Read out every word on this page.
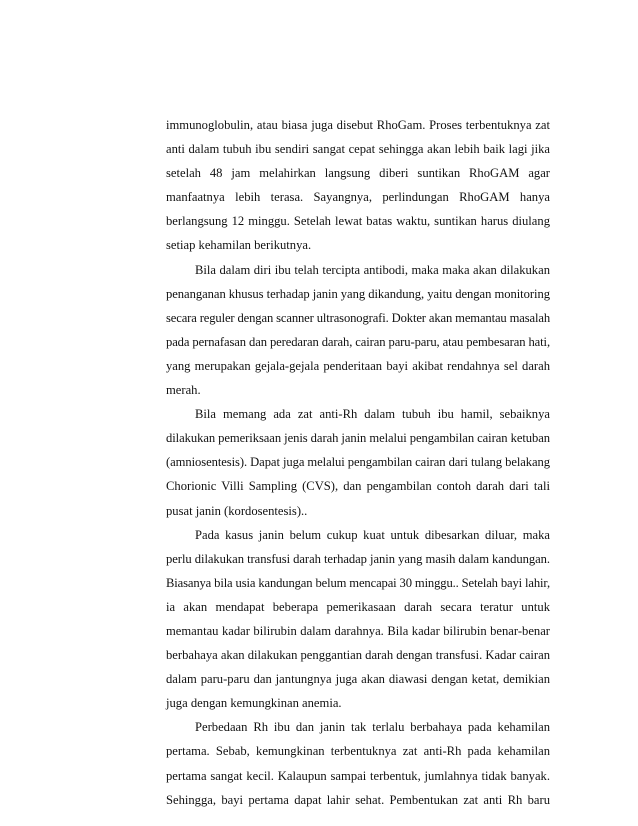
immunoglobulin, atau biasa juga disebut RhoGam. Proses terbentuknya zat
anti dalam tubuh ibu sendiri sangat cepat sehingga akan lebih baik lagi jika
setelah 48 jam melahirkan langsung diberi suntikan RhoGAM agar
manfaatnya lebih terasa. Sayangnya, perlindungan RhoGAM hanya
berlangsung 12 minggu. Setelah lewat batas waktu, suntikan harus diulang
setiap kehamilan berikutnya.
Bila dalam diri ibu telah tercipta antibodi, maka maka akan dilakukan
penanganan khusus terhadap janin yang dikandung, yaitu dengan monitoring
secara reguler dengan scanner ultrasonografi. Dokter akan memantau masalah
pada pernafasan dan peredaran darah, cairan paru-paru, atau pembesaran hati,
yang merupakan gejala-gejala penderitaan bayi akibat rendahnya sel darah
merah.
Bila memang ada zat anti-Rh dalam tubuh ibu hamil, sebaiknya
dilakukan pemeriksaan jenis darah janin melalui pengambilan cairan ketuban
(amniosentesis). Dapat juga melalui pengambilan cairan dari tulang belakang
Chorionic Villi Sampling (CVS), dan pengambilan contoh darah dari tali
pusat janin (kordosentesis)..
Pada kasus janin belum cukup kuat untuk dibesarkan diluar, maka
perlu dilakukan transfusi darah terhadap janin yang masih dalam kandungan.
Biasanya bila usia kandungan belum mencapai 30 minggu.. Setelah bayi lahir,
ia akan mendapat beberapa pemerikasaan darah secara teratur untuk
memantau kadar bilirubin dalam darahnya. Bila kadar bilirubin benar-benar
berbahaya akan dilakukan penggantian darah dengan transfusi. Kadar cairan
dalam paru-paru dan jantungnya juga akan diawasi dengan ketat, demikian
juga dengan kemungkinan anemia.
Perbedaan Rh ibu dan janin tak terlalu berbahaya pada kehamilan
pertama. Sebab, kemungkinan terbentuknya zat anti-Rh pada kehamilan
pertama sangat kecil. Kalaupun sampai terbentuk, jumlahnya tidak banyak.
Sehingga, bayi pertama dapat lahir sehat. Pembentukan zat anti Rh baru
